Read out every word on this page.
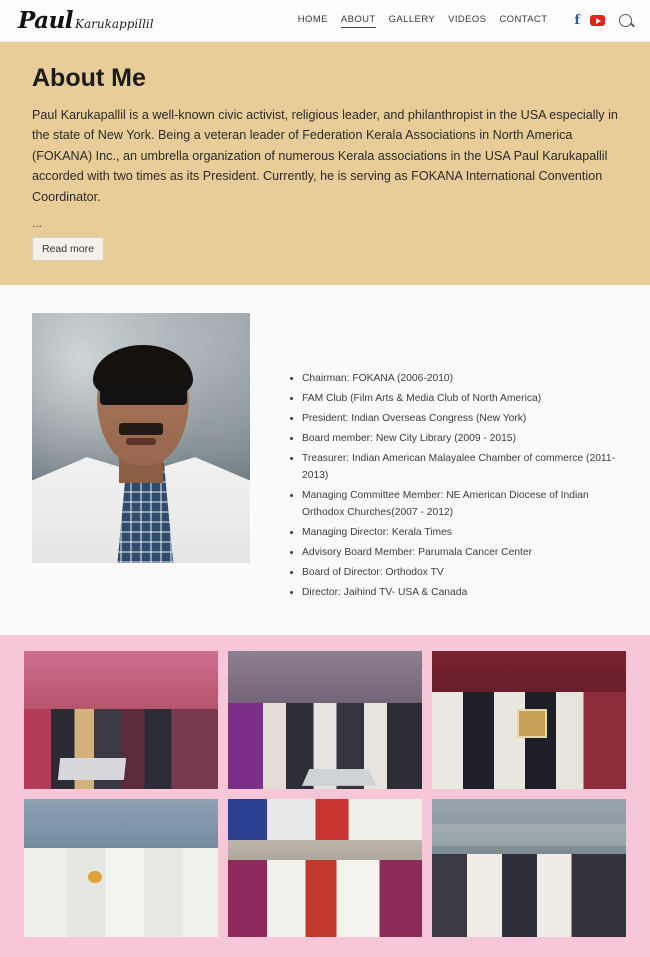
Paul Karukappillil	HOME ABOUT GALLERY VIDEOS CONTACT f
About Me

Paul Karukapallil is a well-known civic activist, religious leader, and philanthropist in the USA especially in the state of New York. Being a veteran leader of Federation Kerala Associations in North America (FOKANA) Inc., an umbrella organization of numerous Kerala associations in the USA Paul Karukapallil accorded with two times as its President. Currently, he is serving as FOKANA International Convention Coordinator.

...
Read more
• Chairman: FOKANA (2006-2010)
• FAM Club (Film Arts & Media Club of North America)
• President: Indian Overseas Congress (New York)
• Board member: New City Library (2009 - 2015)
• Treasurer: Indian American Malayalee Chamber of commerce (2011-2013)
• Managing Committee Member: NE American Diocese of Indian Orthodox Churches(2007 - 2012)
• Managing Director: Kerala Times
• Advisory Board Member: Parumala Cancer Center
• Board of Director: Orthodox TV
• Director: Jaihind TV- USA & Canada
